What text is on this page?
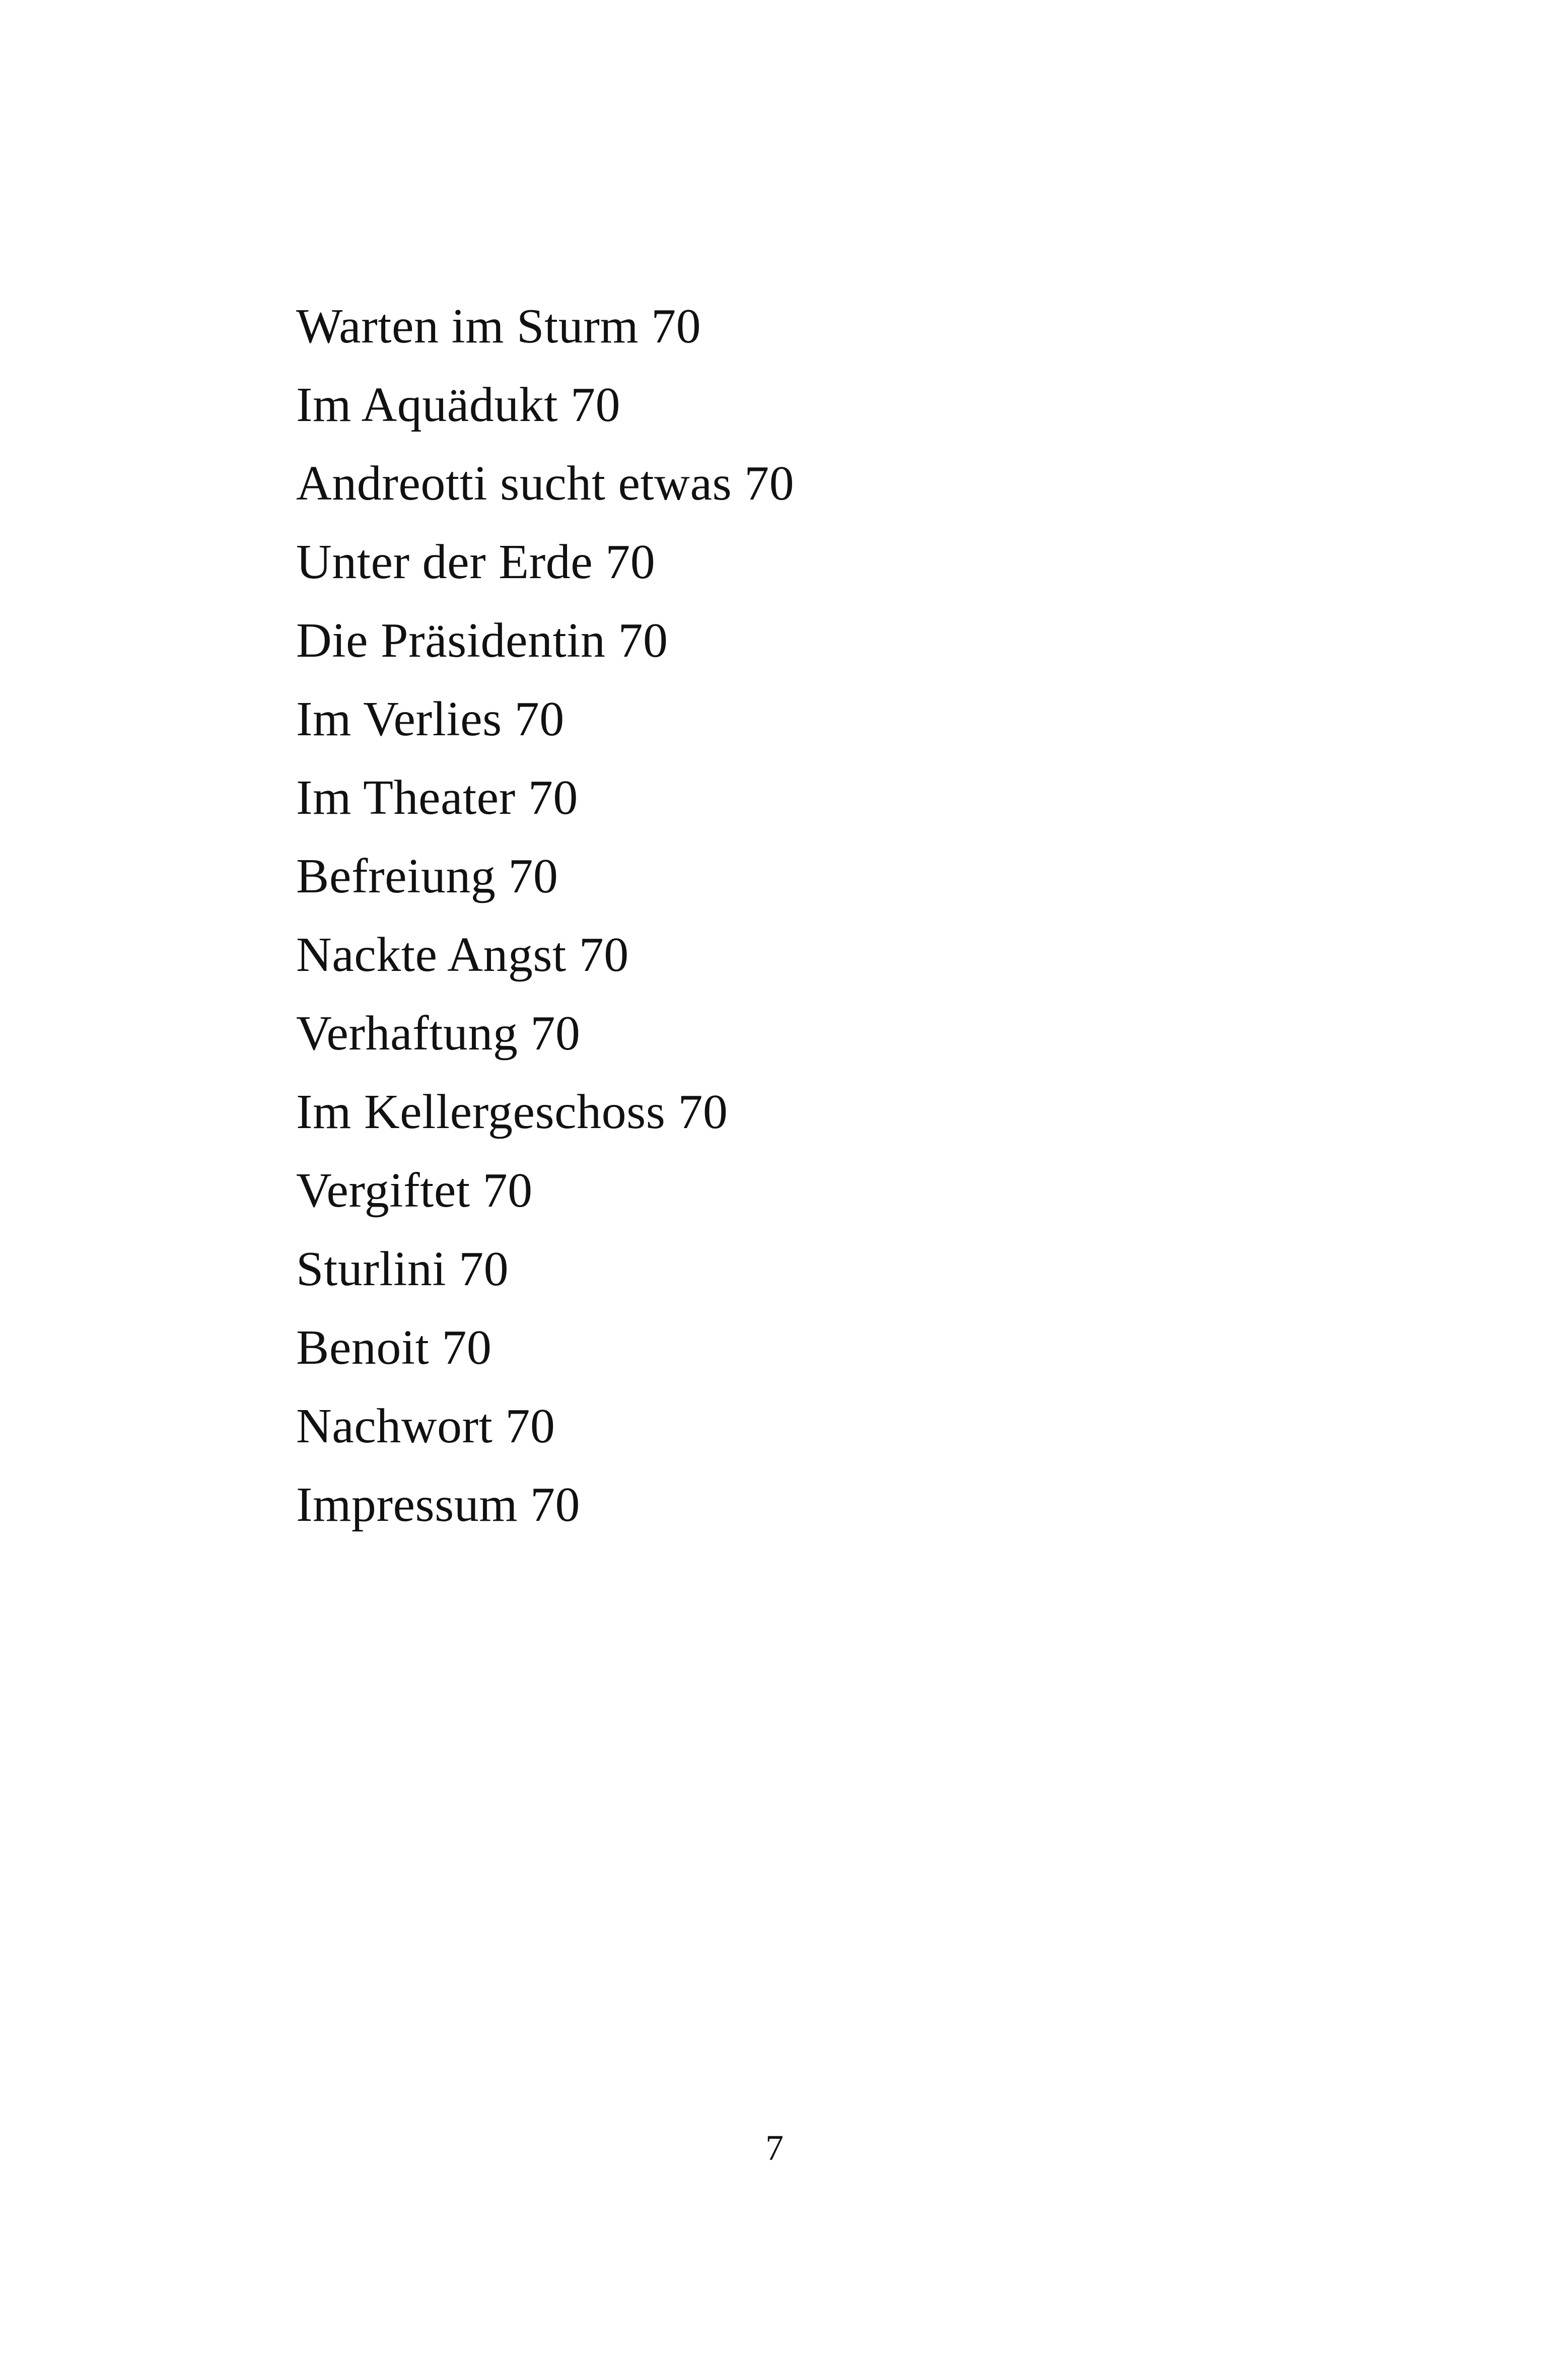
Warten im Sturm 70
Im Aquädukt 70
Andreotti sucht etwas 70
Unter der Erde 70
Die Präsidentin 70
Im Verlies 70
Im Theater 70
Befreiung 70
Nackte Angst 70
Verhaftung 70
Im Kellergeschoss 70
Vergiftet 70
Sturlini 70
Benoit 70
Nachwort 70
Impressum 70
7
